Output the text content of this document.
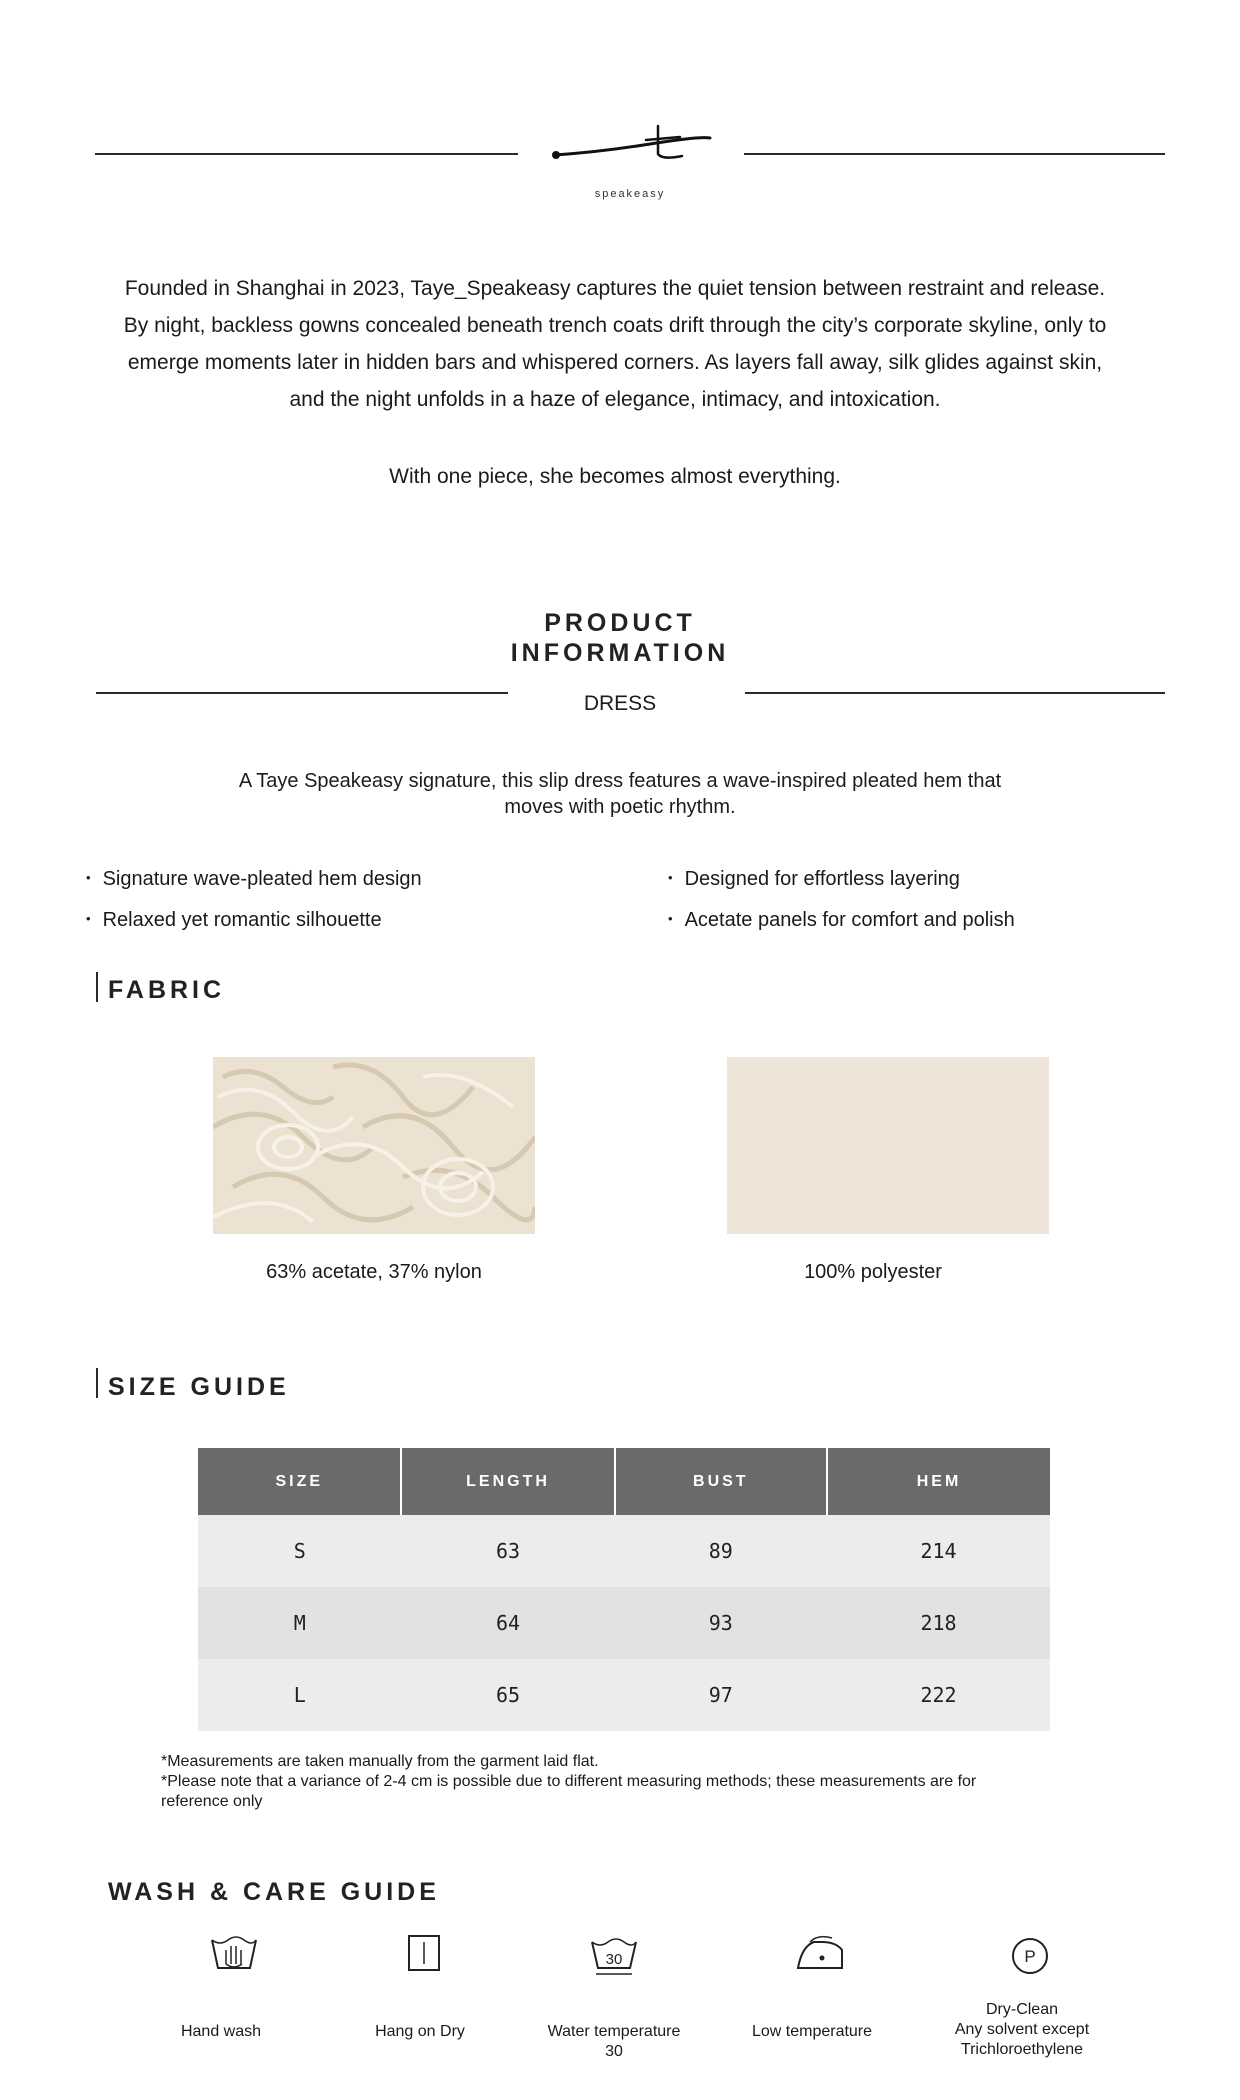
speakeasy

Founded in Shanghai in 2023, Taye_Speakeasy captures the quiet tension between restraint and release.

By night, backless gowns concealed beneath trench coats drift through the city’s corporate skyline, only to

emerge moments later in hidden bars and whispered corners. As layers fall away, silk glides against skin,

and the night unfolds in a haze of elegance, intimacy, and intoxication.

With one piece, she becomes almost everything.
PRODUCT
INFORMATION
DRESS
A Taye Speakeasy signature, this slip dress features a wave-inspired pleated hem that
moves with poetic rhythm.
• Signature wave-pleated hem design
• Relaxed yet romantic silhouette
• Designed for effortless layering
• Acetate panels for comfort and polish
FABRIC
63% acetate, 37% nylon	100% polyester
SIZE GUIDE
SIZE	LENGTH	BUST	HEM
S	63	89	214
M	64	93	218
L	65	97	222

*Measurements are taken manually from the garment laid flat.

*Please note that a variance of 2-4 cm is possible due to different measuring methods; these measurements are for

reference only

WASH & CARE GUIDE
Hand wash	Hang on Dry
30
Water temperature
30
Low temperature
P
Dry-Clean
Any solvent except
Trichloroethylene
